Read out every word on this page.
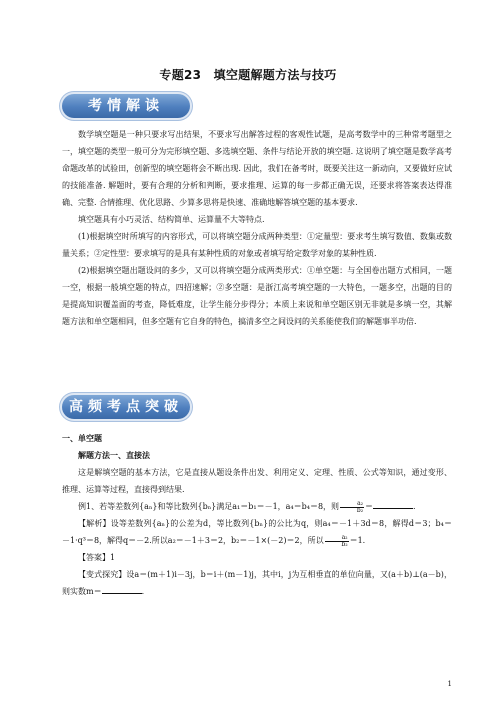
专题23　填空题解题方法与技巧
考情解读

数学填空题是一种只要求写出结果，不要求写出解答过程的客观性试题，是高考数学中的三种常考题型之一，填空题的类型一般可分为完形填空题、多选填空题、条件与结论开放的填空题. 这说明了填空题是数学高考命题改革的试验田，创新型的填空题将会不断出现. 因此，我们在备考时，既要关注这一新动向，又要做好应试的技能准备. 解题时，要有合理的分析和判断，要求推理、运算的每一步都正确无误，还要求将答案表达得准确、完整. 合情推理、优化思路、少算多思将是快速、准确地解答填空题的基本要求.

填空题具有小巧灵活、结构简单、运算量不大等特点.

(1)根据填空时所填写的内容形式，可以将填空题分成两种类型：①定量型：要求考生填写数值、数集或数量关系；②定性型：要求填写的是具有某种性质的对象或者填写给定数学对象的某种性质.

(2)根据填空题出题设问的多少，又可以将填空题分成两类形式：①单空题：与全国卷出题方式相同，一题一空，根据一般填空题的特点，四招速解；②多空题：是浙江高考填空题的一大特色，一题多空，出题的目的是提高知识覆盖面的考查，降低难度，让学生能分步得分；本质上来说和单空题区别无非就是多填一空，其解题方法和单空题相同，但多空题有它自身的特色，搞清多空之间设问的关系能使我们的解题事半功倍.

高频考点突破

一、单空题

解题方法一、直接法

这是解填空题的基本方法，它是直接从题设条件出发、利用定义、定理、性质、公式等知识，通过变形、推理、运算等过程，直接得到结果.

例1、若等差数列{aₙ}和等比数列{bₙ}满足a₁＝b₁＝－1，a₄＝b₄＝8，则 $\frac{\text{a₂}}{\text{b₂}}$ ＝	.

【解析】设等差数列{aₙ}的公差为d，等比数列{bₙ}的公比为q，则a₄＝－1＋3d＝8，解得d＝3；b₄＝－1·q³＝8，解得q＝－2.所以a₂＝－1＋3＝2，b₂＝－1×(－2)＝2，所以 $\frac{\text{a₂}}{\text{b₂}} =1$.

【答案】1

【变式探究】设a＝(m＋1)i－3j，b＝i＋(m－1)j，其中i，j为互相垂直的单位向量，又(a＋b)⊥(a－b)，则实数m＝	.

1
